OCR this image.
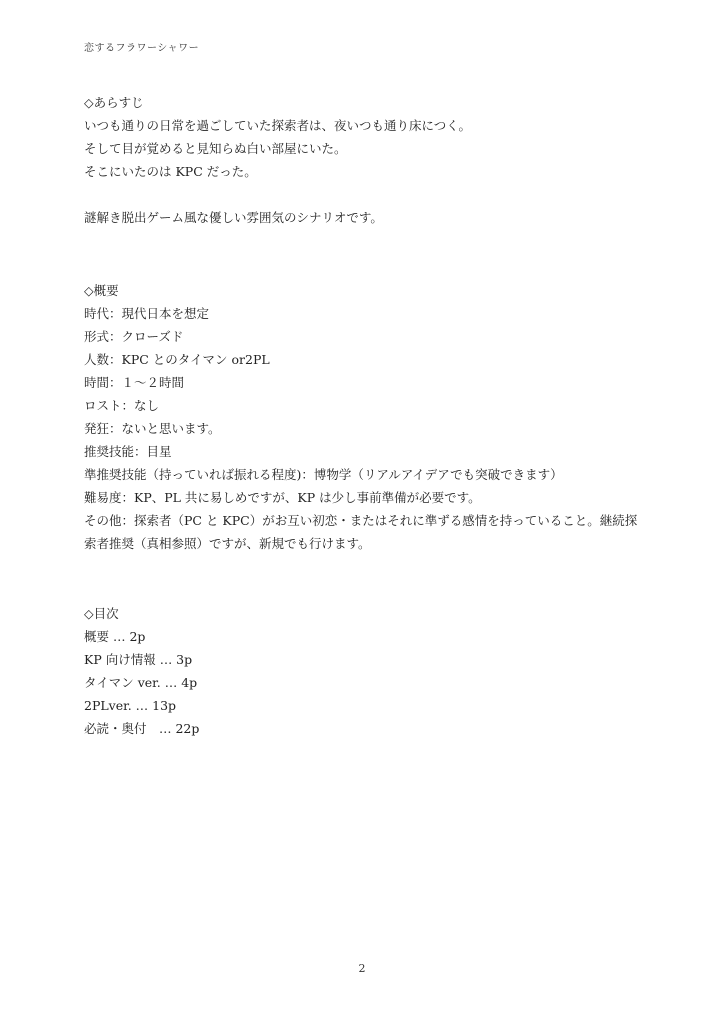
恋するフラワーシャワー
◇あらすじ
いつも通りの日常を過ごしていた探索者は、夜いつも通り床につく。
そして目が覚めると見知らぬ白い部屋にいた。
そこにいたのは KPC だった。
謎解き脱出ゲーム風な優しい雰囲気のシナリオです。
◇概要
時代：現代日本を想定
形式：クローズド
人数：KPC とのタイマン or2PL
時間：１～２時間
ロスト：なし
発狂：ないと思います。
推奨技能：目星
準推奨技能（持っていれば振れる程度)：博物学（リアルアイデアでも突破できます）
難易度：KP、PL 共に易しめですが、KP は少し事前準備が必要です。
その他：探索者（PC と KPC）がお互い初恋・またはそれに準ずる感情を持っていること。継続探
索者推奨（真相参照）ですが、新規でも行けます。
◇目次
概要 … 2p
KP 向け情報 … 3p
タイマン ver. … 4p
2PLver. … 13p
必読・奥付　… 22p
2
